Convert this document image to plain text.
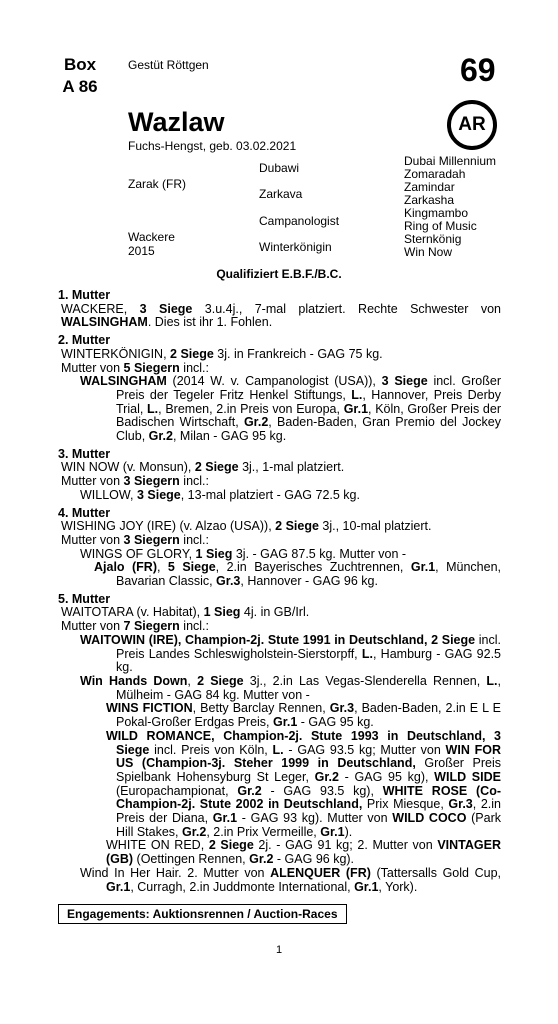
Box
A 86
Gestüt Röttgen	69
AR
Wazlaw
Fuchs-Hengst, geb. 03.02.2021
Zarak (FR)
Dubawi
Zarkava
Wackere
2015
Campanologist
Winterkönigin
Dubai Millennium
Zomaradah
Zamindar
Zarkasha
Kingmambo
Ring of Music
Sternkönig
Win Now
Qualifiziert E.B.F./B.C.
1. Mutter

WACKERE, 3 Siege 3.u.4j., 7-mal platziert. Rechte Schwester von WALSINGHAM. Dies ist ihr 1. Fohlen.

2. Mutter

WINTERKÖNIGIN, 2 Siege 3j. in Frankreich - GAG 75 kg.

Mutter von 5 Siegern incl.:

WALSINGHAM (2014 W. v. Campanologist (USA)), 3 Siege incl. Großer Preis der Tegeler Fritz Henkel Stiftungs, L., Hannover, Preis Derby Trial, L., Bremen, 2.in Preis von Europa, Gr.1, Köln, Großer Preis der Badischen Wirtschaft, Gr.2, Baden-Baden, Gran Premio del Jockey Club, Gr.2, Milan - GAG 95 kg.

3. Mutter

WIN NOW (v. Monsun), 2 Siege 3j., 1-mal platziert.

Mutter von 3 Siegern incl.:

WILLOW, 3 Siege, 13-mal platziert - GAG 72.5 kg.

4. Mutter

WISHING JOY (IRE) (v. Alzao (USA)), 2 Siege 3j., 10-mal platziert.

Mutter von 3 Siegern incl.:

WINGS OF GLORY, 1 Sieg 3j. - GAG 87.5 kg. Mutter von -

Ajalo (FR), 5 Siege, 2.in Bayerisches Zuchtrennen, Gr.1, München, Bavarian Classic, Gr.3, Hannover - GAG 96 kg.

5. Mutter

WAITOTARA (v. Habitat), 1 Sieg 4j. in GB/Irl.

Mutter von 7 Siegern incl.:

WAITOWIN (IRE), Champion-2j. Stute 1991 in Deutschland, 2 Siege incl. Preis Landes Schleswigholstein-Sierstorpff, L., Hamburg - GAG 92.5 kg.

Win Hands Down, 2 Siege 3j., 2.in Las Vegas-Slenderella Rennen, L., Mülheim - GAG 84 kg. Mutter von -

WINS FICTION, Betty Barclay Rennen, Gr.3, Baden-Baden, 2.in E L E Pokal-Großer Erdgas Preis, Gr.1 - GAG 95 kg.

WILD ROMANCE, Champion-2j. Stute 1993 in Deutschland, 3 Siege incl. Preis von Köln, L. - GAG 93.5 kg; Mutter von WIN FOR US (Champion-3j. Steher 1999 in Deutschland, Großer Preis Spielbank Hohensyburg St Leger, Gr.2 - GAG 95 kg), WILD SIDE (Europachampionat, Gr.2 - GAG 93.5 kg), WHITE ROSE (Co-Champion-2j. Stute 2002 in Deutschland, Prix Miesque, Gr.3, 2.in Preis der Diana, Gr.1 - GAG 93 kg). Mutter von WILD COCO (Park Hill Stakes, Gr.2, 2.in Prix Vermeille, Gr.1).

WHITE ON RED, 2 Siege 2j. - GAG 91 kg; 2. Mutter von VINTAGER (GB) (Oettingen Rennen, Gr.2 - GAG 96 kg).

Wind In Her Hair. 2. Mutter von ALENQUER (FR) (Tattersalls Gold Cup, Gr.1, Curragh, 2.in Juddmonte International, Gr.1, York).

Engagements: Auktionsrennen / Auction-Races
1
